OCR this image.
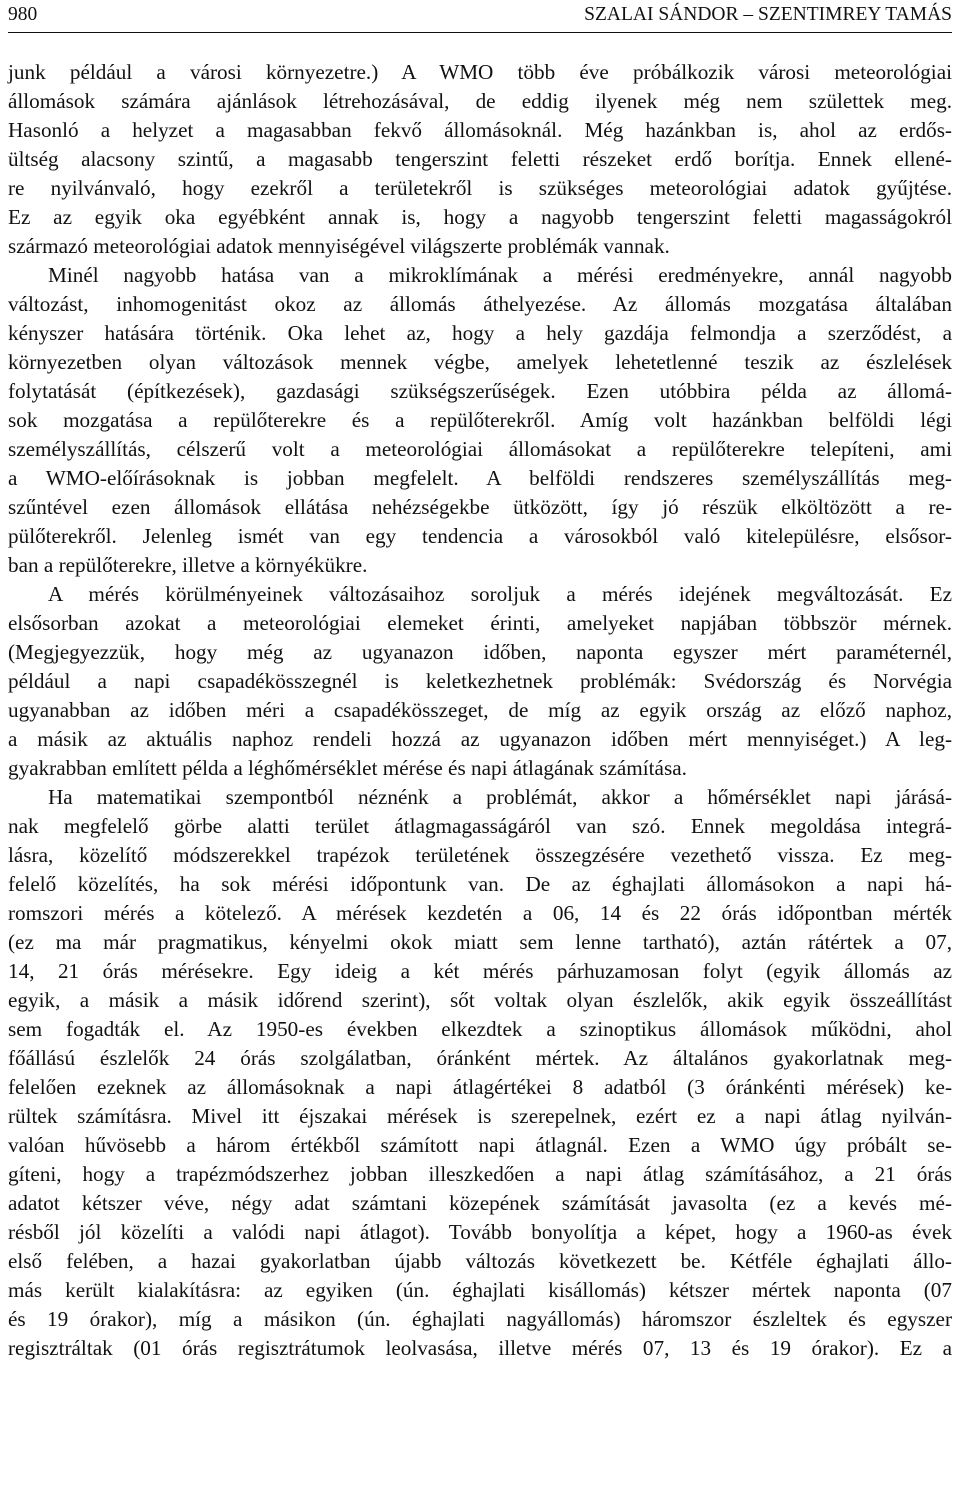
980	SZALAI SÁNDOR – SZENTIMREY TAMÁS
junk például a városi környezetre.) A WMO több éve próbálkozik városi meteorológiai
állomások számára ajánlások létrehozásával, de eddig ilyenek még nem születtek meg.
Hasonló a helyzet a magasabban fekvő állomásoknál. Még hazánkban is, ahol az erdős-
ültség alacsony szintű, a magasabb tengerszint feletti részeket erdő borítja. Ennek ellené-
re nyilvánvaló, hogy ezekről a területekről is szükséges meteorológiai adatok gyűjtése.
Ez az egyik oka egyébként annak is, hogy a nagyobb tengerszint feletti magasságokról
származó meteorológiai adatok mennyiségével világszerte problémák vannak.
Minél nagyobb hatása van a mikroklímának a mérési eredményekre, annál nagyobb
változást, inhomogenitást okoz az állomás áthelyezése. Az állomás mozgatása általában
kényszer hatására történik. Oka lehet az, hogy a hely gazdája felmondja a szerződést, a
környezetben olyan változások mennek végbe, amelyek lehetetlenné teszik az észlelések
folytatását (építkezések), gazdasági szükségszerűségek. Ezen utóbbira példa az állomá-
sok mozgatása a repülőterekre és a repülőterekről. Amíg volt hazánkban belföldi légi
személyszállítás, célszerű volt a meteorológiai állomásokat a repülőterekre telepíteni, ami
a WMO-előírásoknak is jobban megfelelt. A belföldi rendszeres személyszállítás meg-
szűntével ezen állomások ellátása nehézségekbe ütközött, így jó részük elköltözött a re-
pülőterekről. Jelenleg ismét van egy tendencia a városokból való kitelepülésre, elsősor-
ban a repülőterekre, illetve a környékükre.
A mérés körülményeinek változásaihoz soroljuk a mérés idejének megváltozását. Ez
elsősorban azokat a meteorológiai elemeket érinti, amelyeket napjában többször mérnek.
(Megjegyezzük, hogy még az ugyanazon időben, naponta egyszer mért paraméternél,
például a napi csapadékösszegnél is keletkezhetnek problémák: Svédország és Norvégia
ugyanabban az időben méri a csapadékösszeget, de míg az egyik ország az előző naphoz,
a másik az aktuális naphoz rendeli hozzá az ugyanazon időben mért mennyiséget.) A leg-
gyakrabban említett példa a léghőmérséklet mérése és napi átlagának számítása.
Ha matematikai szempontból néznénk a problémát, akkor a hőmérséklet napi járásá-
nak megfelelő görbe alatti terület átlagmagasságáról van szó. Ennek megoldása integrá-
lásra, közelítő módszerekkel trapézok területének összegzésére vezethető vissza. Ez meg-
felelő közelítés, ha sok mérési időpontunk van. De az éghajlati állomásokon a napi há-
romszori mérés a kötelező. A mérések kezdetén a 06, 14 és 22 órás időpontban mérték
(ez ma már pragmatikus, kényelmi okok miatt sem lenne tartható), aztán rátértek a 07,
14, 21 órás mérésekre. Egy ideig a két mérés párhuzamosan folyt (egyik állomás az
egyik, a másik a másik időrend szerint), sőt voltak olyan észlelők, akik egyik összeállítást
sem fogadták el. Az 1950-es években elkezdtek a szinoptikus állomások működni, ahol
főállású észlelők 24 órás szolgálatban, óránként mértek. Az általános gyakorlatnak meg-
felelően ezeknek az állomásoknak a napi átlagértékei 8 adatból (3 óránkénti mérések) ke-
rültek számításra. Mivel itt éjszakai mérések is szerepelnek, ezért ez a napi átlag nyilván-
valóan hűvösebb a három értékből számított napi átlagnál. Ezen a WMO úgy próbált se-
gíteni, hogy a trapézmódszerhez jobban illeszkedően a napi átlag számításához, a 21 órás
adatot kétszer véve, négy adat számtani közepének számítását javasolta (ez a kevés mé-
résből jól közelíti a valódi napi átlagot). Tovább bonyolítja a képet, hogy a 1960-as évek
első felében, a hazai gyakorlatban újabb változás következett be. Kétféle éghajlati állo-
más került kialakításra: az egyiken (ún. éghajlati kisállomás) kétszer mértek naponta (07
és 19 órakor), míg a másikon (ún. éghajlati nagyállomás) háromszor észleltek és egyszer
regisztráltak (01 órás regisztrátumok leolvasása, illetve mérés 07, 13 és 19 órakor). Ez a
